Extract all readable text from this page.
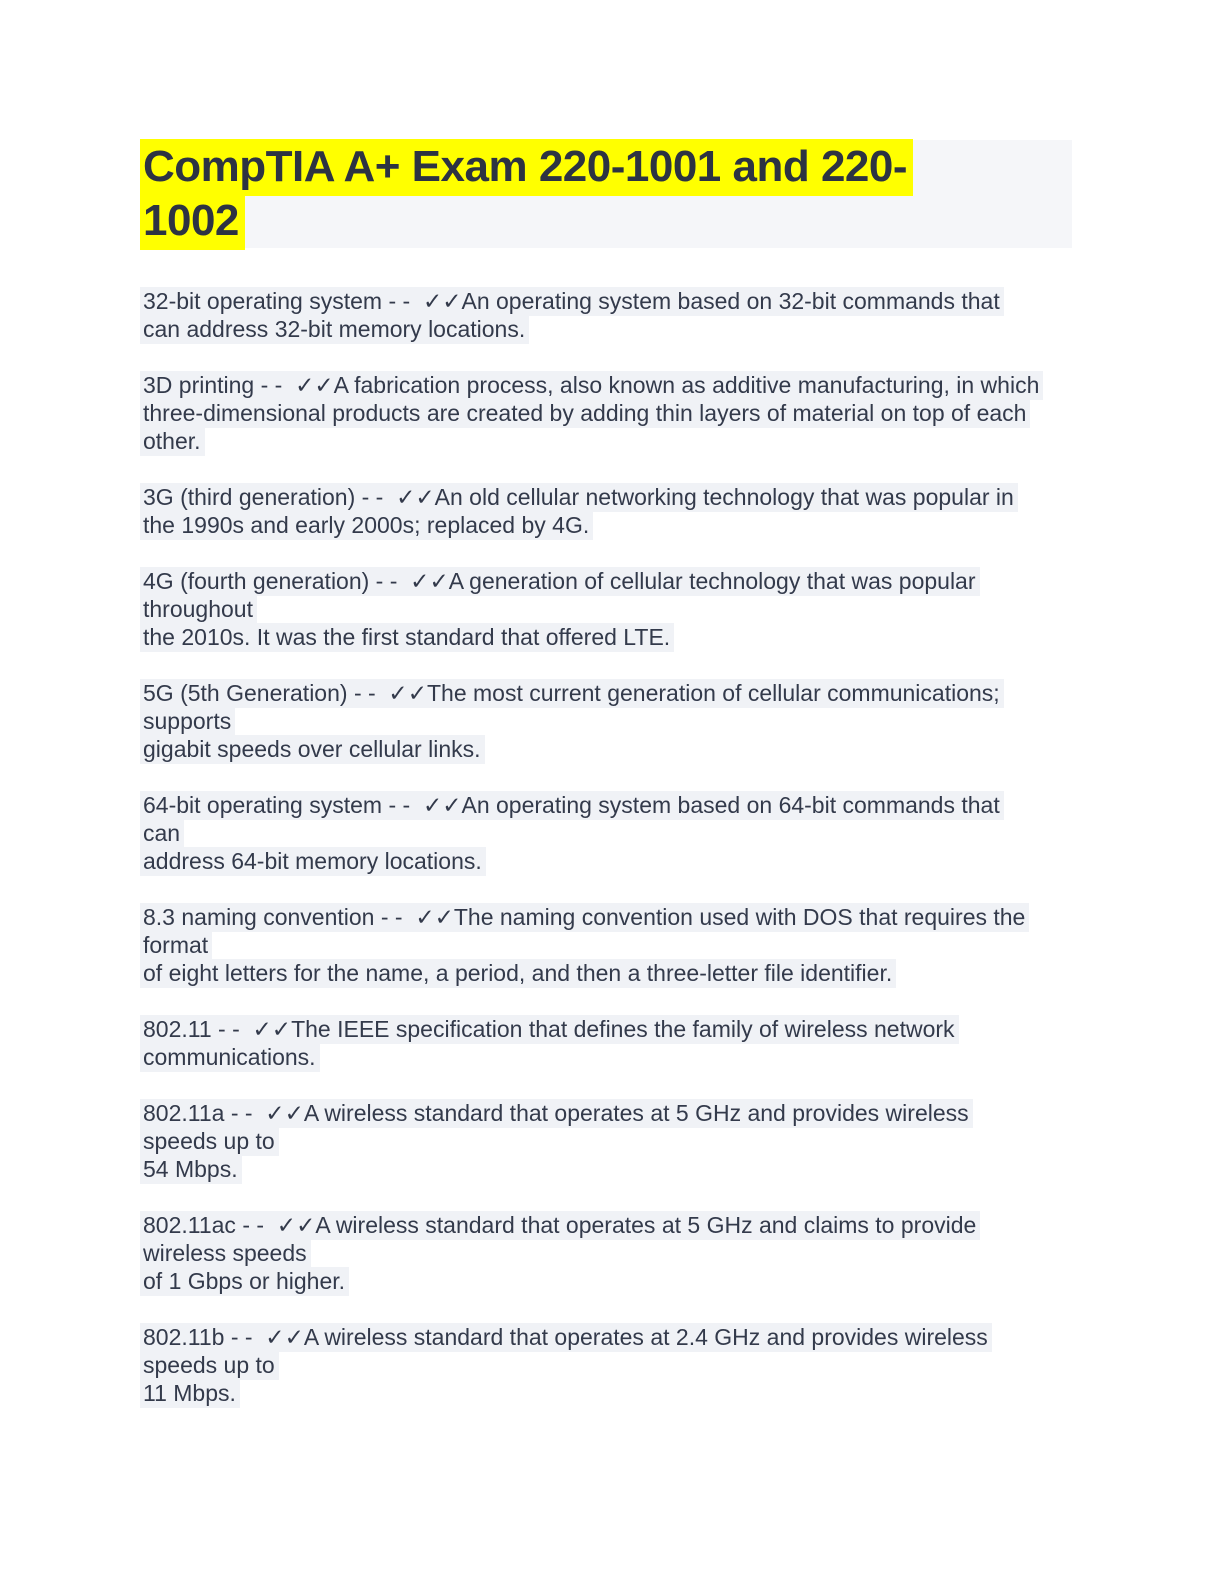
CompTIA A+ Exam 220-1001 and 220-
1002

32-bit operating system - -  ✓✓An operating system based on 32-bit commands that
can address 32-bit memory locations.

3D printing - -  ✓✓A fabrication process, also known as additive manufacturing, in which
three-dimensional products are created by adding thin layers of material on top of each
other.

3G (third generation) - -  ✓✓An old cellular networking technology that was popular in
the 1990s and early 2000s; replaced by 4G.

4G (fourth generation) - -  ✓✓A generation of cellular technology that was popular
throughout
the 2010s. It was the first standard that offered LTE.

5G (5th Generation) - -  ✓✓The most current generation of cellular communications;
supports
gigabit speeds over cellular links.

64-bit operating system - -  ✓✓An operating system based on 64-bit commands that
can
address 64-bit memory locations.

8.3 naming convention - -  ✓✓The naming convention used with DOS that requires the
format
of eight letters for the name, a period, and then a three-letter file identifier.

802.11 - -  ✓✓The IEEE specification that defines the family of wireless network
communications.

802.11a - -  ✓✓A wireless standard that operates at 5 GHz and provides wireless
speeds up to
54 Mbps.

802.11ac - -  ✓✓A wireless standard that operates at 5 GHz and claims to provide
wireless speeds
of 1 Gbps or higher.

802.11b - -  ✓✓A wireless standard that operates at 2.4 GHz and provides wireless
speeds up to
11 Mbps.
